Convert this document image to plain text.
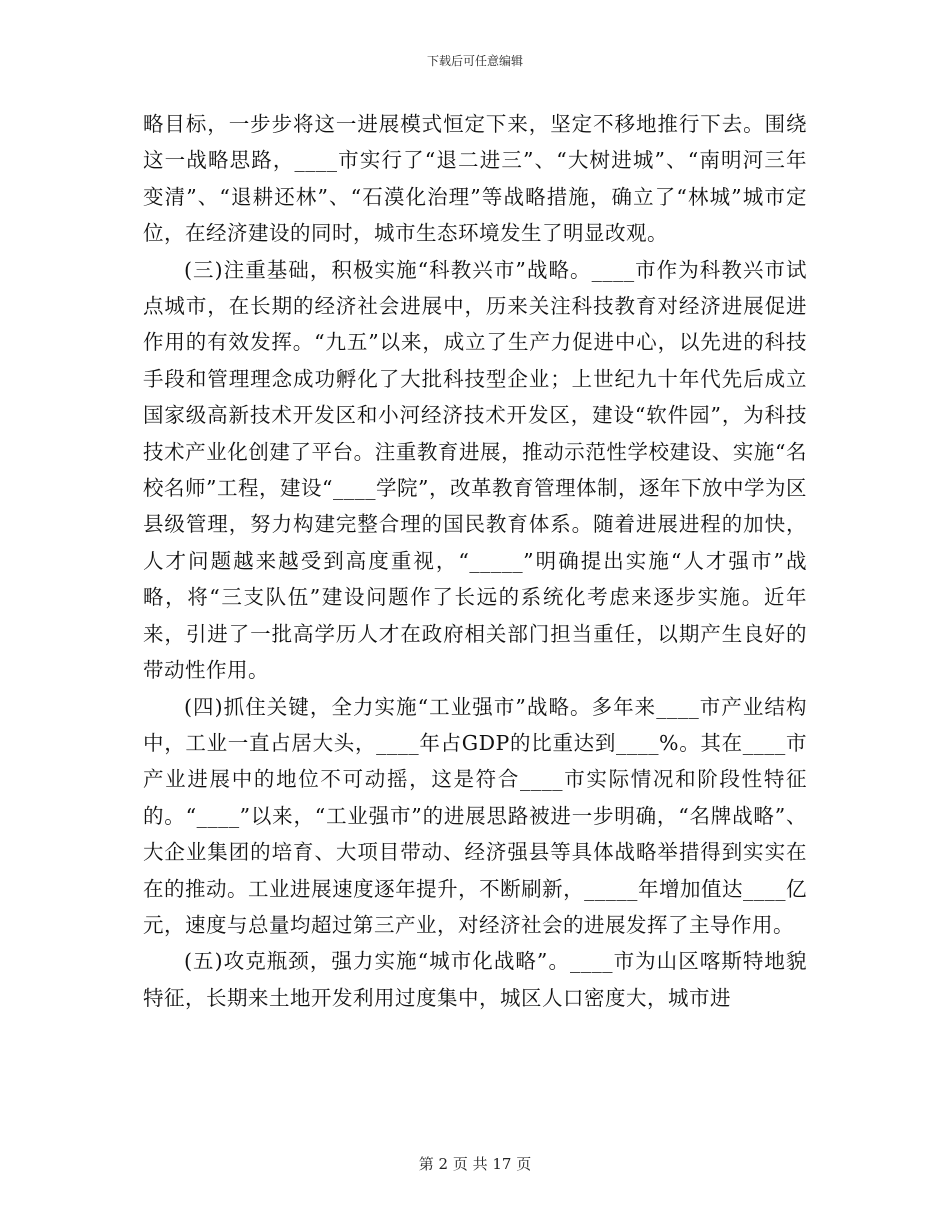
下载后可任意编辑

略目标，一步步将这一进展模式恒定下来，坚定不移地推行下去。围绕这一战略思路，____市实行了“退二进三”、“大树进城”、“南明河三年变清”、“退耕还林”、“石漠化治理”等战略措施，确立了“林城”城市定位，在经济建设的同时，城市生态环境发生了明显改观。

(三)注重基础，积极实施“科教兴市”战略。____市作为科教兴市试点城市，在长期的经济社会进展中，历来关注科技教育对经济进展促进作用的有效发挥。“九五”以来，成立了生产力促进中心，以先进的科技手段和管理理念成功孵化了大批科技型企业；上世纪九十年代先后成立国家级高新技术开发区和小河经济技术开发区，建设“软件园”，为科技技术产业化创建了平台。注重教育进展，推动示范性学校建设、实施“名校名师”工程，建设“____学院”，改革教育管理体制，逐年下放中学为区县级管理，努力构建完整合理的国民教育体系。随着进展进程的加快，人才问题越来越受到高度重视，“_____”明确提出实施“人才强市”战略，将“三支队伍”建设问题作了长远的系统化考虑来逐步实施。近年来，引进了一批高学历人才在政府相关部门担当重任，以期产生良好的带动性作用。

(四)抓住关键，全力实施“工业强市”战略。多年来____市产业结构中，工业一直占居大头，____年占GDP的比重达到____%。其在____市产业进展中的地位不可动摇，这是符合____市实际情况和阶段性特征的。“____”以来，“工业强市”的进展思路被进一步明确，“名牌战略”、大企业集团的培育、大项目带动、经济强县等具体战略举措得到实实在在的推动。工业进展速度逐年提升，不断刷新，_____年增加值达____亿元，速度与总量均超过第三产业，对经济社会的进展发挥了主导作用。

(五)攻克瓶颈，强力实施“城市化战略”。____市为山区喀斯特地貌特征，长期来土地开发利用过度集中，城区人口密度大，城市进

第 2 页 共 17 页
